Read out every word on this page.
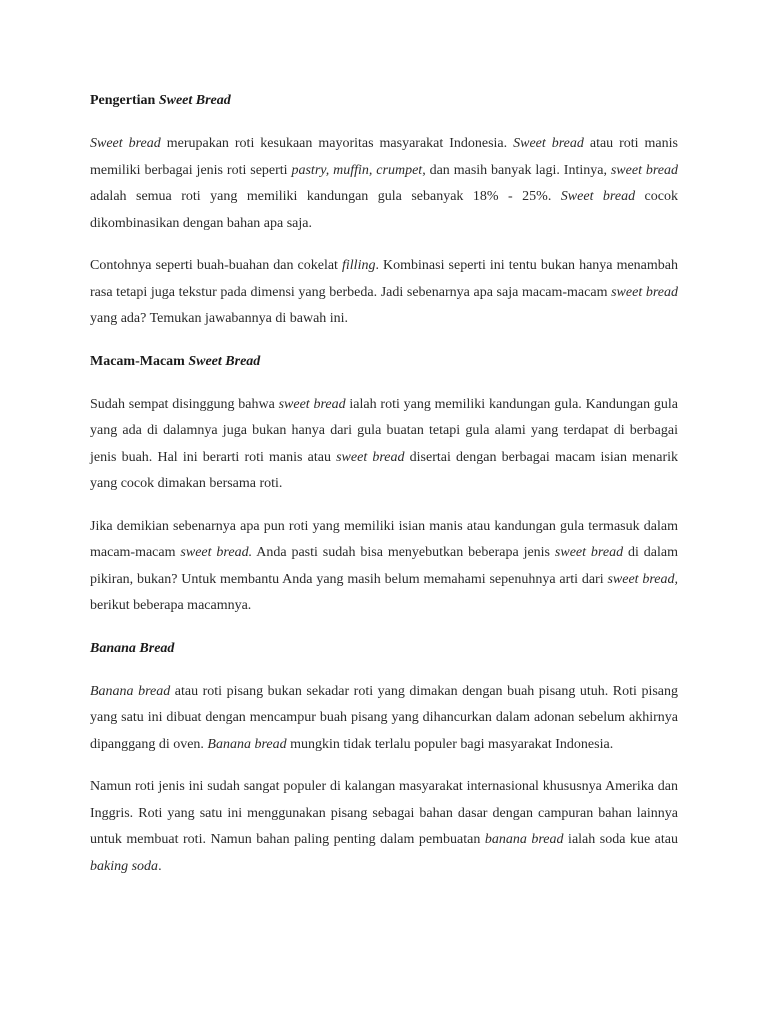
Pengertian Sweet Bread

Sweet bread merupakan roti kesukaan mayoritas masyarakat Indonesia. Sweet bread atau roti manis memiliki berbagai jenis roti seperti pastry, muffin, crumpet, dan masih banyak lagi. Intinya, sweet bread adalah semua roti yang memiliki kandungan gula sebanyak 18% - 25%. Sweet bread cocok dikombinasikan dengan bahan apa saja.

Contohnya seperti buah-buahan dan cokelat filling. Kombinasi seperti ini tentu bukan hanya menambah rasa tetapi juga tekstur pada dimensi yang berbeda. Jadi sebenarnya apa saja macam-macam sweet bread yang ada? Temukan jawabannya di bawah ini.

Macam-Macam Sweet Bread

Sudah sempat disinggung bahwa sweet bread ialah roti yang memiliki kandungan gula. Kandungan gula yang ada di dalamnya juga bukan hanya dari gula buatan tetapi gula alami yang terdapat di berbagai jenis buah. Hal ini berarti roti manis atau sweet bread disertai dengan berbagai macam isian menarik yang cocok dimakan bersama roti.

Jika demikian sebenarnya apa pun roti yang memiliki isian manis atau kandungan gula termasuk dalam macam-macam sweet bread. Anda pasti sudah bisa menyebutkan beberapa jenis sweet bread di dalam pikiran, bukan? Untuk membantu Anda yang masih belum memahami sepenuhnya arti dari sweet bread, berikut beberapa macamnya.

Banana Bread

Banana bread atau roti pisang bukan sekadar roti yang dimakan dengan buah pisang utuh. Roti pisang yang satu ini dibuat dengan mencampur buah pisang yang dihancurkan dalam adonan sebelum akhirnya dipanggang di oven. Banana bread mungkin tidak terlalu populer bagi masyarakat Indonesia.

Namun roti jenis ini sudah sangat populer di kalangan masyarakat internasional khususnya Amerika dan Inggris. Roti yang satu ini menggunakan pisang sebagai bahan dasar dengan campuran bahan lainnya untuk membuat roti. Namun bahan paling penting dalam pembuatan banana bread ialah soda kue atau baking soda.
